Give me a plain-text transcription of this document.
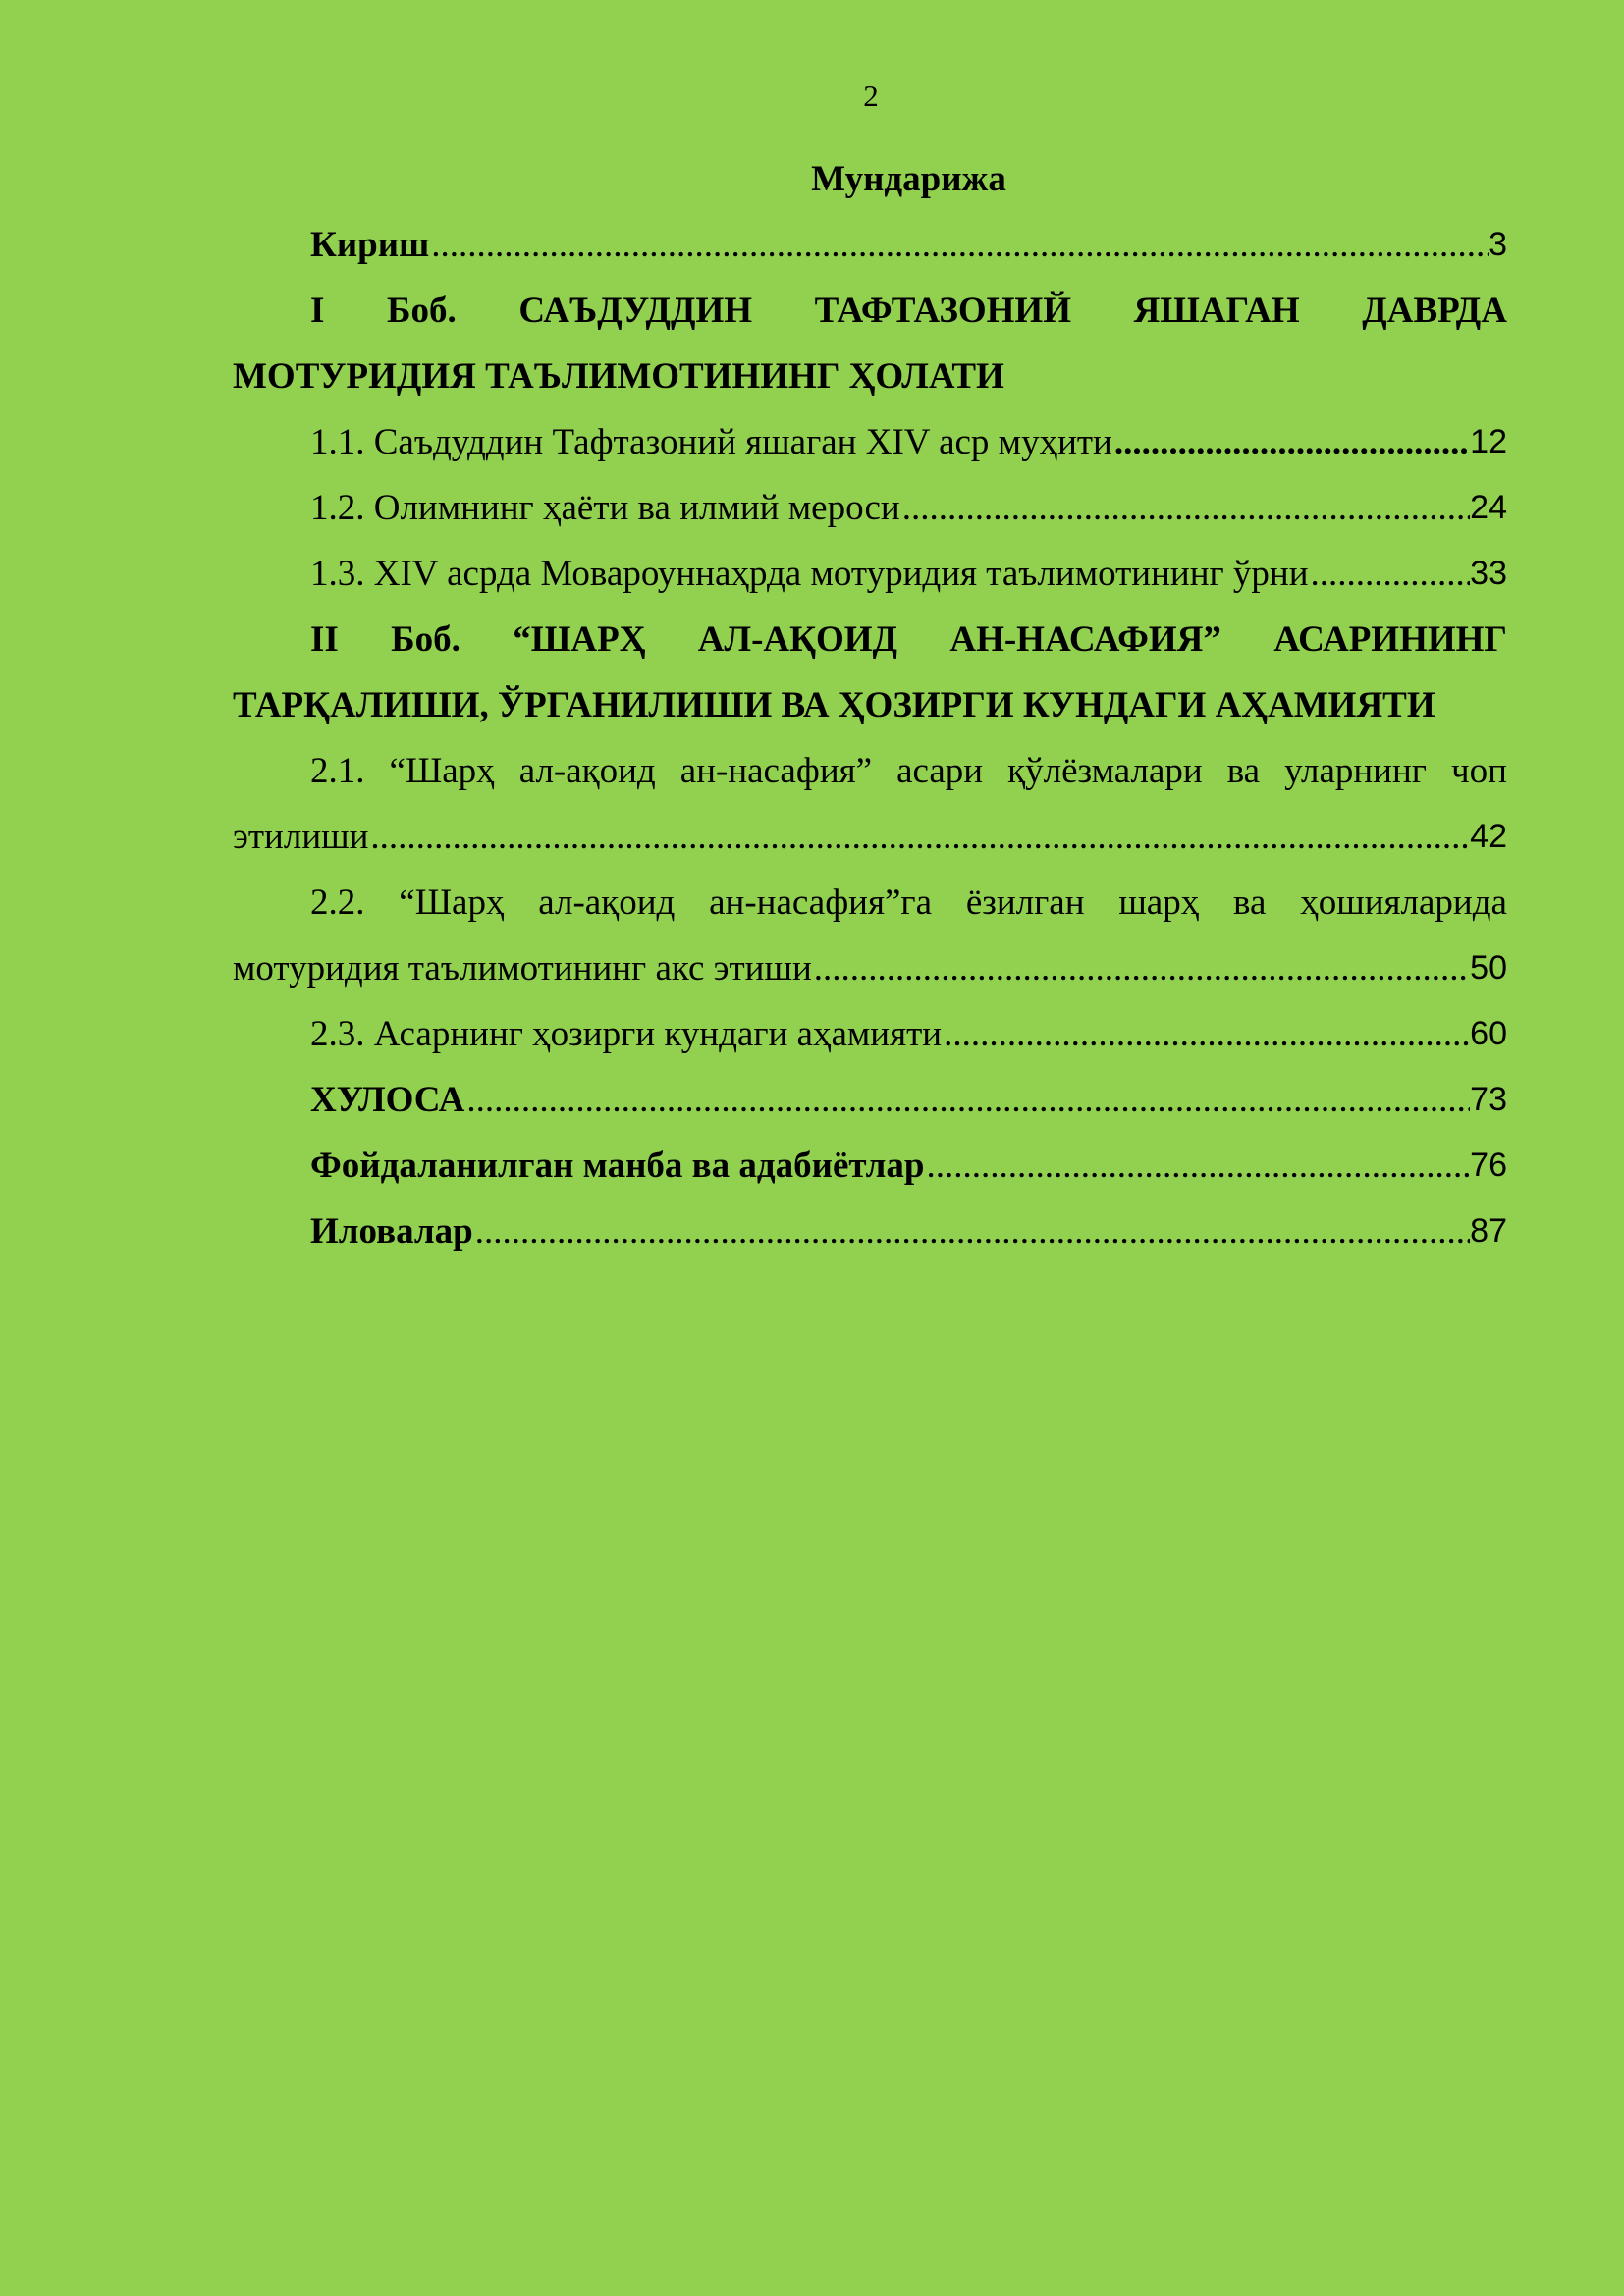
2
Мундарижа
Кириш .....	3
I Боб. САЪДУДДИН ТАФТАЗОНИЙ ЯШАГАН ДАВРДА
МОТУРИДИЯ ТАЪЛИМОТИНИНГ ҲОЛАТИ
1.1. Саъдуддин Тафтазоний яшаган XIV аср муҳити .....	12
1.2. Олимнинг ҳаёти ва илмий мероси .....	24
1.3. XIV асрда Мовароуннаҳрда мотуридия таълимотининг ўрни .....	33
II Боб. “ШАРҲ АЛ-АҚОИД АН-НАСАФИЯ” АСАРИНИНГ
ТАРҚАЛИШИ, ЎРГАНИЛИШИ ВА ҲОЗИРГИ КУНДАГИ АҲАМИЯТИ
2.1. “Шарҳ ал-ақоид ан-насафия” асари қўлёзмалари ва уларнинг чоп
этилиши .....	42
2.2. “Шарҳ ал-ақоид ан-насафия”га ёзилган шарҳ ва ҳошияларида
мотуридия таълимотининг акс этиши .....	50
2.3. Асарнинг ҳозирги кундаги аҳамияти .....	60
ХУЛОСА .....	73
Фойдаланилган манба ва адабиётлар .....	76
Иловалар .....	87
